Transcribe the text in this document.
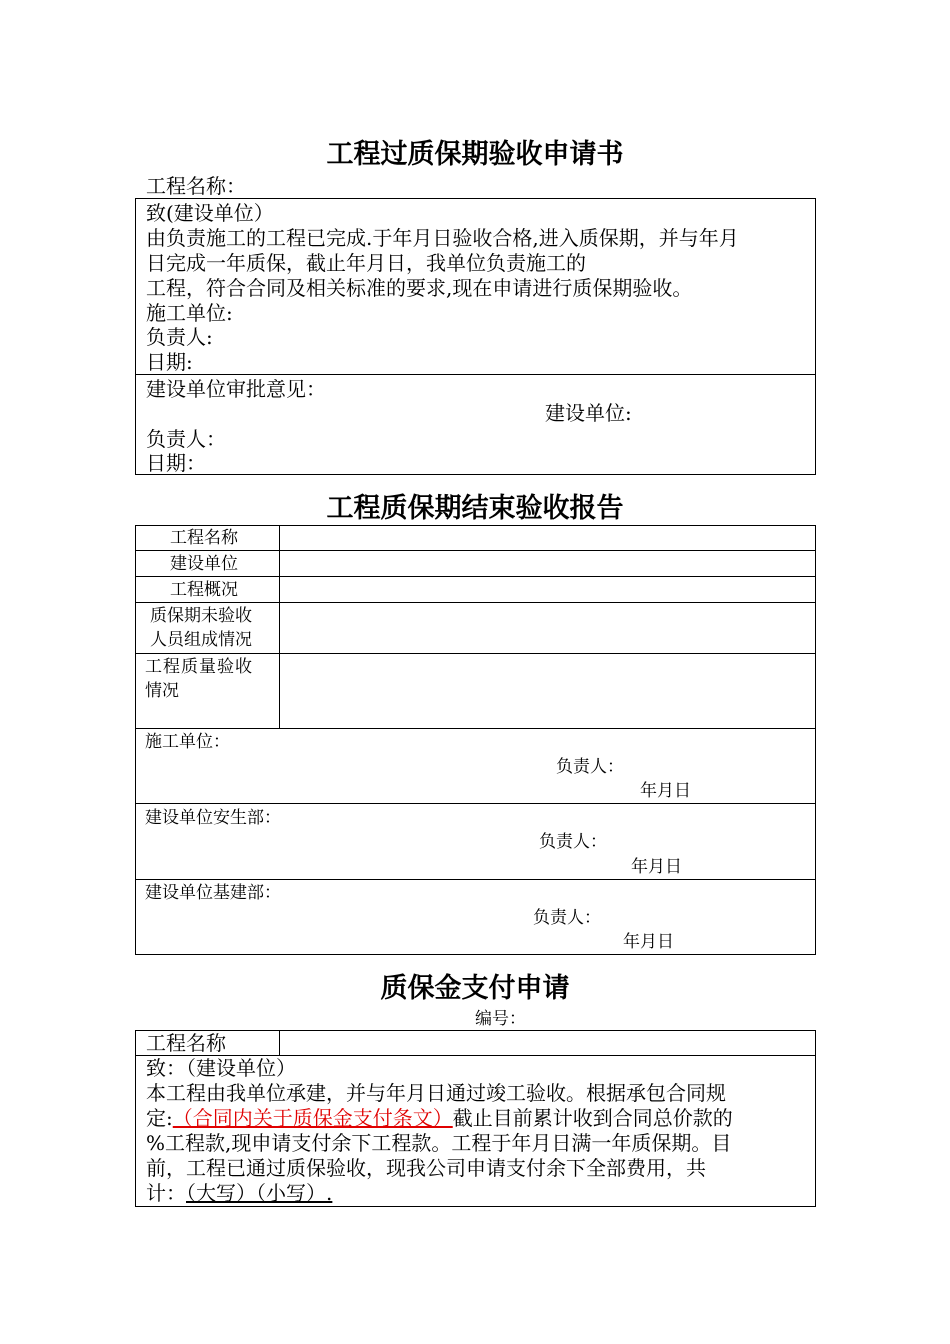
工程过质保期验收申请书
工程名称：
致(建设单位）
由负责施工的工程已完成.于年月日验收合格,进入质保期，并与年月
日完成一年质保，截止年月日，我单位负责施工的
工程，符合合同及相关标准的要求,现在申请进行质保期验收。
施工单位:
负责人:
日期:
建设单位审批意见：
建设单位:
负责人：
日期：
工程质保期结束验收报告
工程名称
建设单位
工程概况
质保期未验收
人员组成情况
工程质量验收
情况
施工单位：
负责人：
年月日
建设单位安生部：
负责人：
年月日
建设单位基建部：
负责人：
年月日
质保金支付申请
编号：
工程名称
致：（建设单位）
本工程由我单位承建，并与年月日通过竣工验收。根据承包合同规
定:（合同内关于质保金支付条文）截止目前累计收到合同总价款的
%工程款,现申请支付余下工程款。工程于年月日满一年质保期。目
前，工程已通过质保验收，现我公司申请支付余下全部费用，共
计：（大写）（小写）.
